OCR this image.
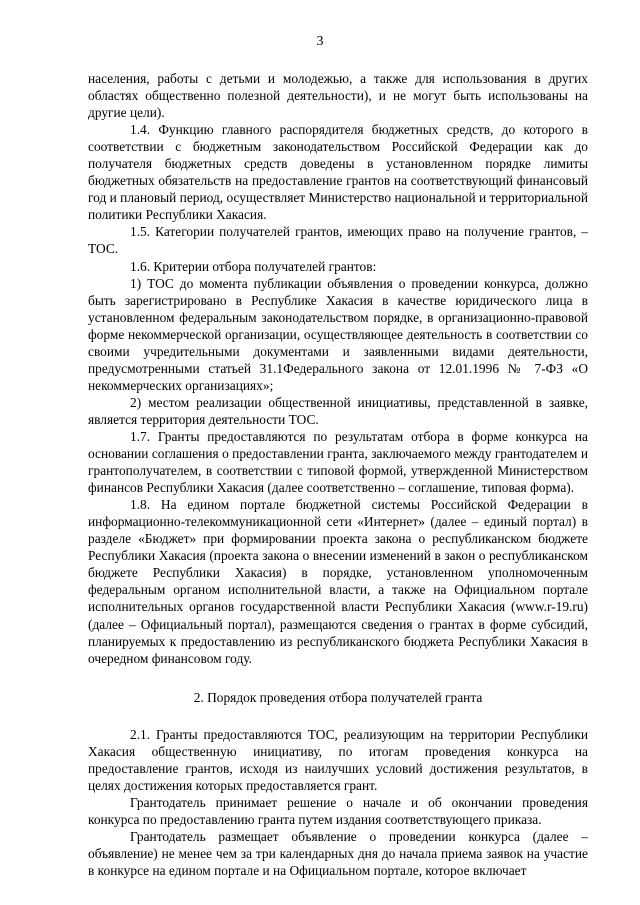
3

населения, работы с детьми и молодежью, а также для использования в других областях общественно полезной деятельности), и не могут быть использованы на другие цели).

1.4. Функцию главного распорядителя бюджетных средств, до которого в соответствии с бюджетным законодательством Российской Федерации как до получателя бюджетных средств доведены в установленном порядке лимиты бюджетных обязательств на предоставление грантов на соответствующий финансовый год и плановый период, осуществляет Министерство национальной и территориальной политики Республики Хакасия.

1.5. Категории получателей грантов, имеющих право на получение грантов, – ТОС.

1.6. Критерии отбора получателей грантов:

1) ТОС до момента публикации объявления о проведении конкурса, должно быть зарегистрировано в Республике Хакасия в качестве юридического лица в установленном федеральным законодательством порядке, в организационно-правовой форме некоммерческой организации, осуществляющее деятельность в соответствии со своими учредительными документами и заявленными видами деятельности, предусмотренными статьей 31.1Федерального закона от 12.01.1996 № 7-ФЗ «О некоммерческих организациях»;

2) местом реализации общественной инициативы, представленной в заявке, является территория деятельности ТОС.

1.7. Гранты предоставляются по результатам отбора в форме конкурса на основании соглашения о предоставлении гранта, заключаемого между грантодателем и грантополучателем, в соответствии с типовой формой, утвержденной Министерством финансов Республики Хакасия (далее соответственно – соглашение, типовая форма).

1.8. На едином портале бюджетной системы Российской Федерации в информационно-телекоммуникационной сети «Интернет» (далее – единый портал) в разделе «Бюджет» при формировании проекта закона о республиканском бюджете Республики Хакасия (проекта закона о внесении изменений в закон о республиканском бюджете Республики Хакасия) в порядке, установленном уполномоченным федеральным органом исполнительной власти, а также на Официальном портале исполнительных органов государственной власти Республики Хакасия (www.r-19.ru) (далее – Официальный портал), размещаются сведения о грантах в форме субсидий, планируемых к предоставлению из республиканского бюджета Республики Хакасия в очередном финансовом году.

2. Порядок проведения отбора получателей гранта

2.1. Гранты предоставляются ТОС, реализующим на территории Республики Хакасия общественную инициативу, по итогам проведения конкурса на предоставление грантов, исходя из наилучших условий достижения результатов, в целях достижения которых предоставляется грант.

Грантодатель принимает решение о начале и об окончании проведения конкурса по предоставлению гранта путем издания соответствующего приказа.

Грантодатель размещает объявление о проведении конкурса (далее – объявление) не менее чем за три календарных дня до начала приема заявок на участие в конкурсе на едином портале и на Официальном портале, которое включает
